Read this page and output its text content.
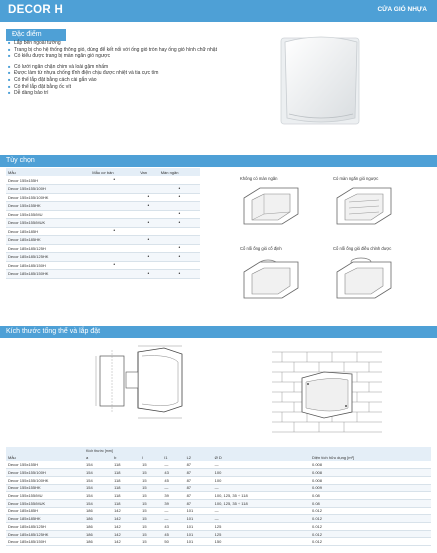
DECOR H	CỬA GIÓ NHỰA
Đặc điểm
■ Lắp bên ngoài tường
■ Trang bị cho hệ thống thông gió, dùng để kết nối với ống gió tròn hay ống gió hình chữ nhật
■ Có kiểu được trang bị màn ngăn gió ngược
■ Có lưới ngăn chặn chim và loài gặm nhấm
■ Được làm từ nhựa chống tĩnh điện chịu được nhiệt và tia cực tím
■ Có thể lắp đặt bằng cách cài gắn vào
■ Có thể lắp đặt bằng ốc vít
■ Dễ dàng bảo trì
Tùy chọn
Mẫu	Mẫu cơ bản	Van	Màn ngăn
Decor 155x155H	•		
Decor 155x155/100H			•
Decor 155x155/100HK		•	•
Decor 155x155HK		•	
Decor 155x155/MU			•
Decor 155x155/MUK		•	•
Decor 185x185H	•		
Decor 185x185HK		•	
Decor 185x185/125H			•
Decor 185x185/125HK		•	•
Decor 185x185/150H	•		
Decor 185x185/150HK		•	•
Không có màn ngăn	Có màn ngăn gió ngược
Cổ nối ống gió cố định	Cổ nối ống gió điều chỉnh được
Kích thước tổng thể và lắp đặt
	Kích thước [mm]						
Mẫu	a	b	l	l1	L2	Ø D	Diện tích hữu dụng [m²]
Decor 155x155H	154	118	15	—	87	—	0.008
Decor 155x155/100H	154	118	15	43	87	100	0.008
Decor 155x155/100HK	154	118	15	45	87	100	0.008
Decor 155x155HK	154	118	15	—	87	—	0.009
Decor 155x155/MU	154	118	15	39	87	100, 125, 35 ÷ 118	0.08
Decor 155x155/MUK	154	118	15	39	87	100, 125, 35 ÷ 118	0.08
Decor 185x185H	186	142	15	—	101	—	0.012
Decor 185x185HK	186	142	15	—	101	—	0.012
Decor 185x185/125H	186	142	15	43	101	125	0.012
Decor 185x185/125HK	186	142	15	45	101	125	0.012
Decor 185x185/150H	186	142	15	50	101	150	0.012
